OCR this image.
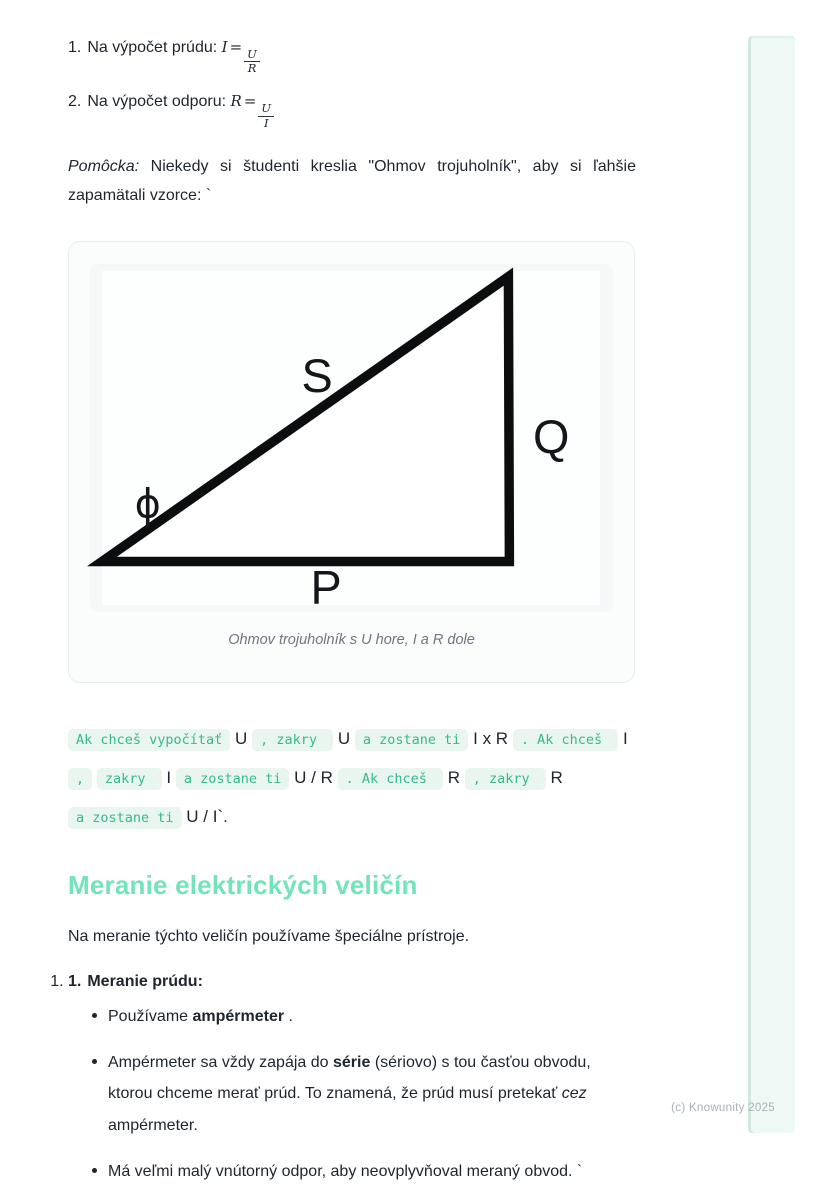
1. Na výpočet prúdu: I =
$\frac{U}{R}$
2. Na výpočet odporu: R =
$\frac{U}{I}$

Pomôcka: Niekedy si študenti kreslia "Ohmov trojuholník", aby si ľahšie zapamätali vzorce: `

S
Q
ϕ
P
Ohmov trojuholník s U hore, I a R dole

Ak chceš vypočítať U , zakry  U a zostane ti I x R . Ak chceš  I , zakry  I a zostane ti U / R . Ak chceš  R , zakry  R a zostane ti U / I`.

Meranie elektrických veličín

Na meranie týchto veličín používame špeciálne prístroje.

1. 1. Meranie prúdu:
Používame ampérmeter .
Ampérmeter sa vždy zapája do série (sériovo) s tou časťou obvodu, ktorou chceme merať prúd. To znamená, že prúd musí pretekať cez ampérmeter.
Má veľmi malý vnútorný odpor, aby neovplyvňoval meraný obvod. `
(c) Knowunity 2025
